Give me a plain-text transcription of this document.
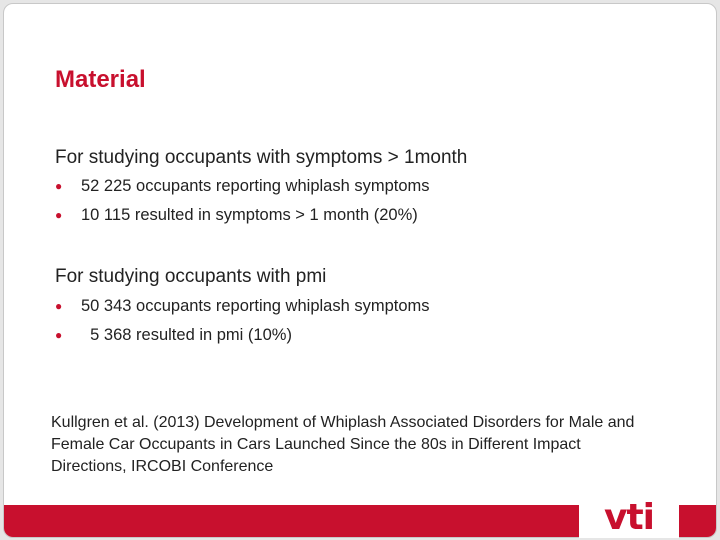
Material

For studying occupants with symptoms > 1month

● 52 225 occupants reporting whiplash symptoms
● 10 115 resulted in symptoms > 1 month (20%)

For studying occupants with pmi

● 50 343 occupants reporting whiplash symptoms
●  5 368 resulted in pmi (10%)

Kullgren et al. (2013) Development of Whiplash Associated Disorders for Male and Female Car Occupants in Cars Launched Since the 80s in Different Impact Directions, IRCOBI Conference

vti
